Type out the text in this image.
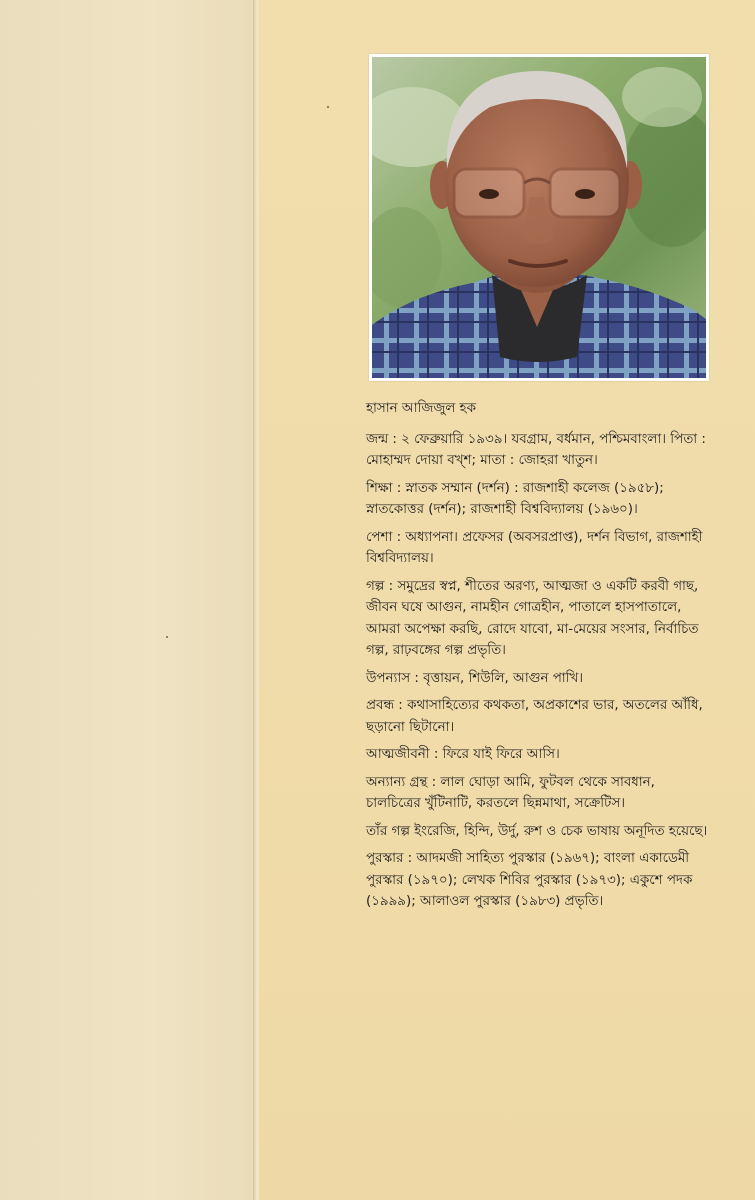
হাসান আজিজুল হক

জন্ম : ২ ফেব্রুয়ারি ১৯৩৯। যবগ্রাম, বর্ধমান, পশ্চিমবাংলা। পিতা : মোহাম্মদ দোয়া বখ্শ; মাতা : জোহরা খাতুন।

শিক্ষা : স্নাতক সম্মান (দর্শন) : রাজশাহী কলেজ (১৯৫৮); স্নাতকোত্তর (দর্শন); রাজশাহী বিশ্ববিদ্যালয় (১৯৬০)।

পেশা : অধ্যাপনা। প্রফেসর (অবসরপ্রাপ্ত), দর্শন বিভাগ, রাজশাহী বিশ্ববিদ্যালয়।

গল্প : সমুদ্রের স্বপ্ন, শীতের অরণ্য, আত্মজা ও একটি করবী গাছ, জীবন ঘষে আগুন, নামহীন গোত্রহীন, পাতালে হাসপাতালে, আমরা অপেক্ষা করছি, রোদে যাবো, মা-মেয়ের সংসার, নির্বাচিত গল্প, রাঢ়বঙ্গের গল্প প্রভৃতি।

উপন্যাস : বৃত্তায়ন, শিউলি, আগুন পাখি।

প্রবন্ধ : কথাসাহিত্যের কথকতা, অপ্রকাশের ভার, অতলের আঁধি, ছড়ানো ছিটানো।

আত্মজীবনী : ফিরে যাই ফিরে আসি।

অন্যান্য গ্রন্থ : লাল ঘোড়া আমি, ফুটবল থেকে সাবধান, চালচিত্রের খুঁটিনাটি, করতলে ছিন্নমাথা, সক্রেটিস।

তাঁর গল্প ইংরেজি, হিন্দি, উর্দু, রুশ ও চেক ভাষায় অনূদিত হয়েছে।

পুরস্কার : আদমজী সাহিত্য পুরস্কার (১৯৬৭); বাংলা একাডেমী পুরস্কার (১৯৭০); লেখক শিবির পুরস্কার (১৯৭৩); একুশে পদক (১৯৯৯); আলাওল পুরস্কার (১৯৮৩) প্রভৃতি।
